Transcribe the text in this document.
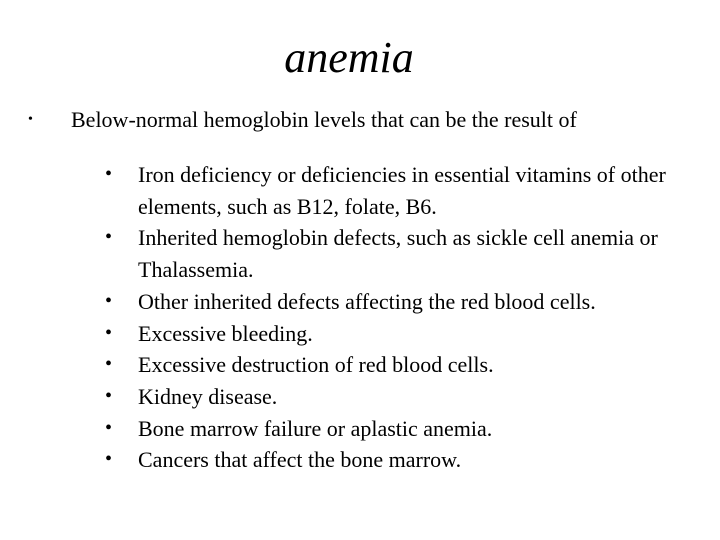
anemia
• Below-normal hemoglobin levels that can be the result of
• Iron deficiency or deficiencies in essential vitamins of other elements, such as B12, folate, B6.
• Inherited hemoglobin defects, such as sickle cell anemia or Thalassemia.
• Other inherited defects affecting the red blood cells.
• Excessive bleeding.
• Excessive destruction of red blood cells.
• Kidney disease.
• Bone marrow failure or aplastic anemia.
• Cancers that affect the bone marrow.
